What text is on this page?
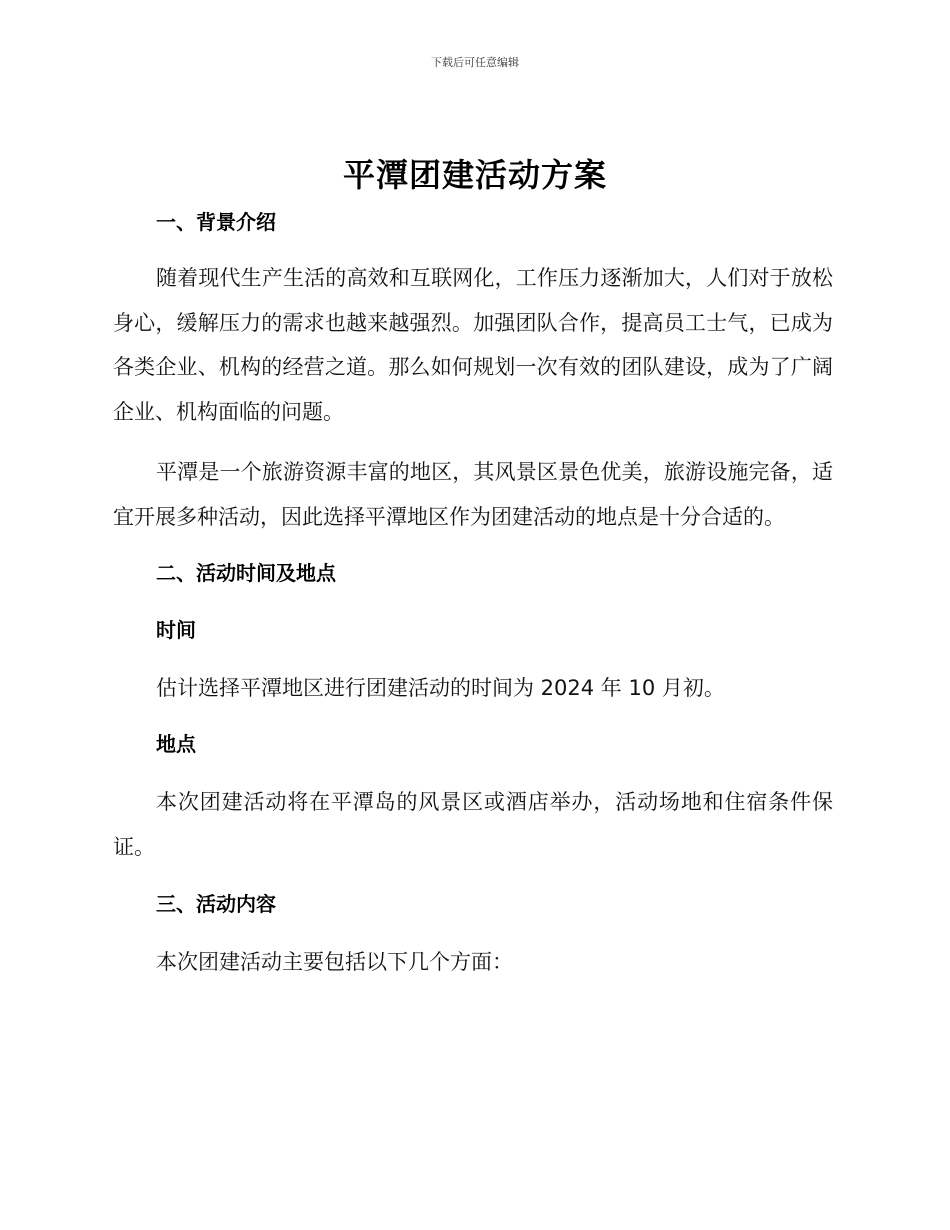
下载后可任意编辑
平潭团建活动方案
一、背景介绍
随着现代生产生活的高效和互联网化，工作压力逐渐加大，人们对于放松身心，缓解压力的需求也越来越强烈。加强团队合作，提高员工士气，已成为各类企业、机构的经营之道。那么如何规划一次有效的团队建设，成为了广阔企业、机构面临的问题。
平潭是一个旅游资源丰富的地区，其风景区景色优美，旅游设施完备，适宜开展多种活动，因此选择平潭地区作为团建活动的地点是十分合适的。
二、活动时间及地点
时间
估计选择平潭地区进行团建活动的时间为 2024 年 10 月初。
地点
本次团建活动将在平潭岛的风景区或酒店举办，活动场地和住宿条件保证。
三、活动内容
本次团建活动主要包括以下几个方面：
